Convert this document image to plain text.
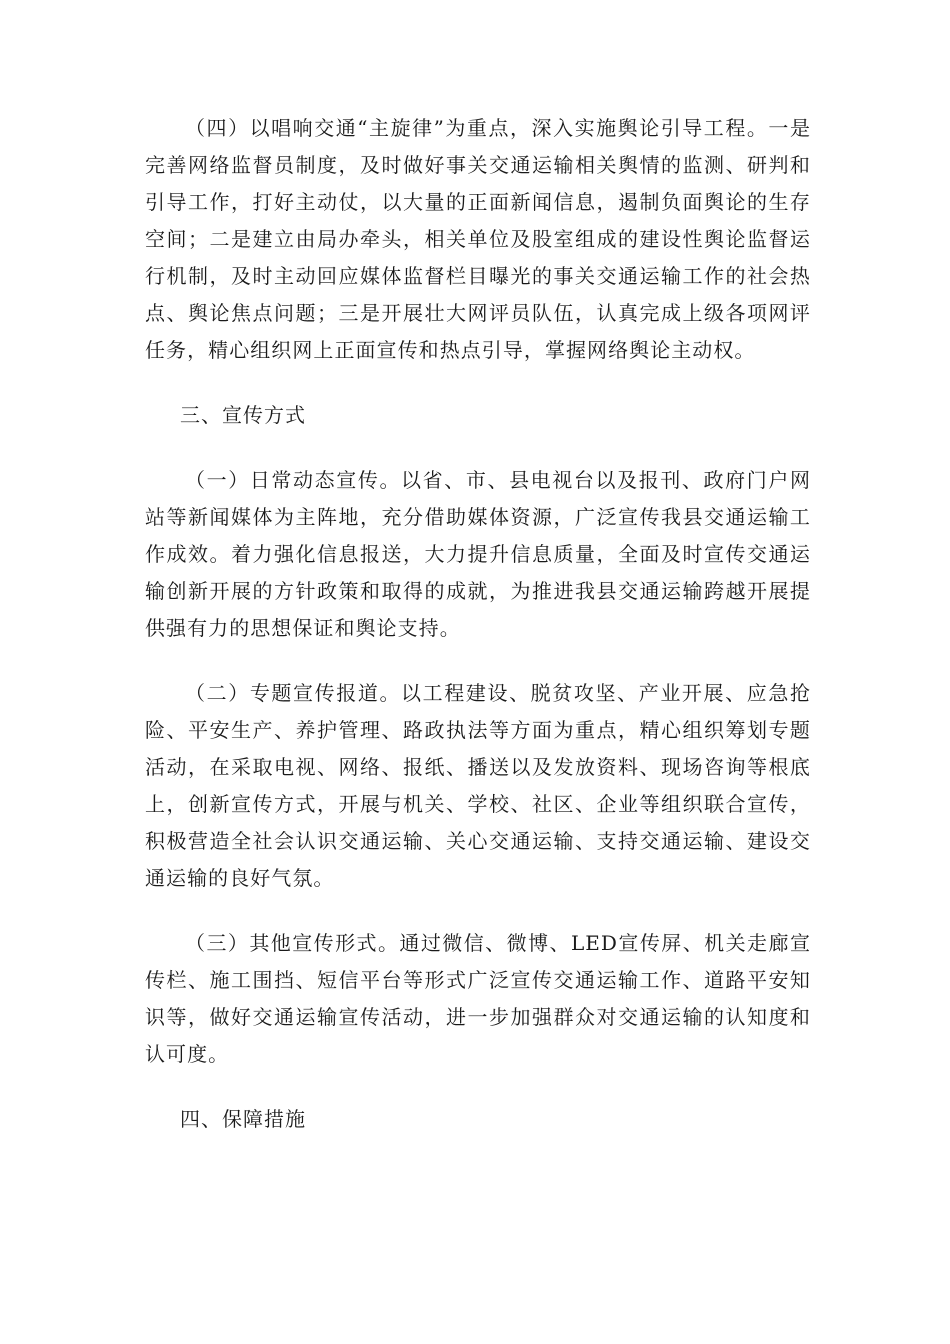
（四）以唱响交通“主旋律”为重点，深入实施舆论引导工程。一是完善网络监督员制度，及时做好事关交通运输相关舆情的监测、研判和引导工作，打好主动仗，以大量的正面新闻信息，遏制负面舆论的生存空间；二是建立由局办牵头，相关单位及股室组成的建设性舆论监督运行机制，及时主动回应媒体监督栏目曝光的事关交通运输工作的社会热点、舆论焦点问题；三是开展壮大网评员队伍，认真完成上级各项网评任务，精心组织网上正面宣传和热点引导，掌握网络舆论主动权。

三、宣传方式

（一）日常动态宣传。以省、市、县电视台以及报刊、政府门户网站等新闻媒体为主阵地，充分借助媒体资源，广泛宣传我县交通运输工作成效。着力强化信息报送，大力提升信息质量，全面及时宣传交通运输创新开展的方针政策和取得的成就，为推进我县交通运输跨越开展提供强有力的思想保证和舆论支持。

（二）专题宣传报道。以工程建设、脱贫攻坚、产业开展、应急抢险、平安生产、养护管理、路政执法等方面为重点，精心组织筹划专题活动，在采取电视、网络、报纸、播送以及发放资料、现场咨询等根底上，创新宣传方式，开展与机关、学校、社区、企业等组织联合宣传，积极营造全社会认识交通运输、关心交通运输、支持交通运输、建设交通运输的良好气氛。

（三）其他宣传形式。通过微信、微博、LED宣传屏、机关走廊宣传栏、施工围挡、短信平台等形式广泛宣传交通运输工作、道路平安知识等，做好交通运输宣传活动，进一步加强群众对交通运输的认知度和认可度。

四、保障措施
